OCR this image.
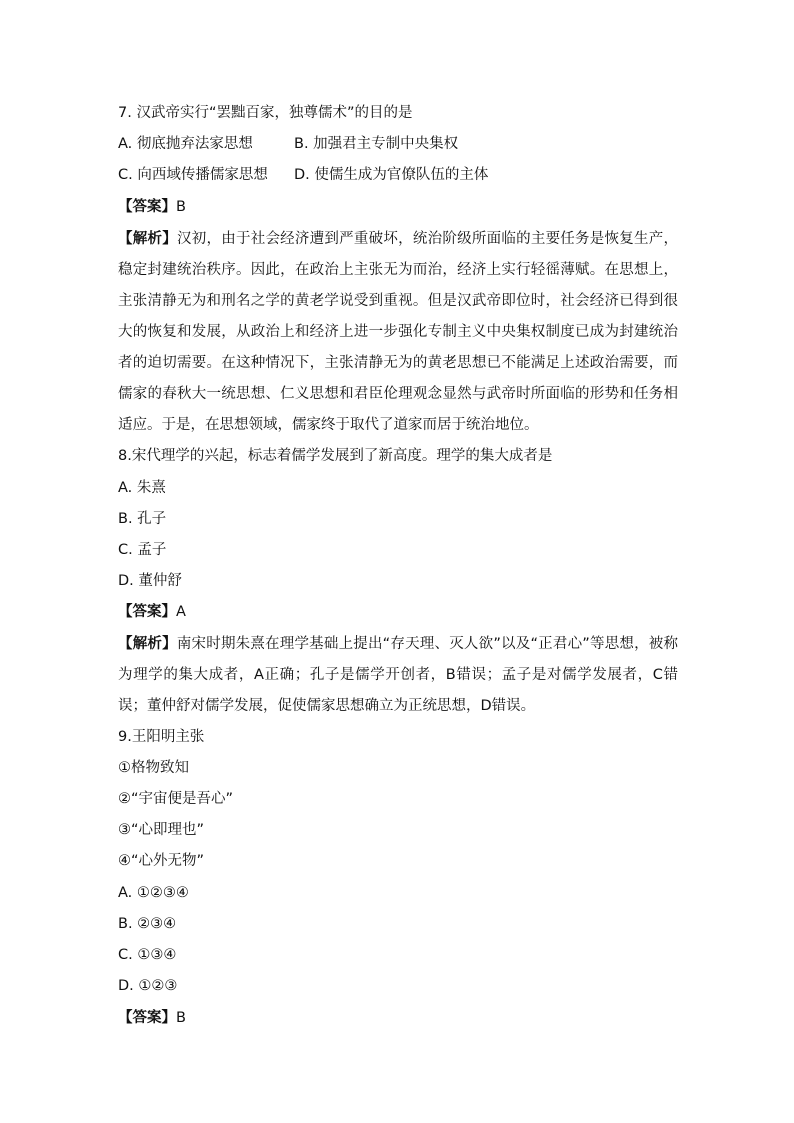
7. 汉武帝实行“罢黜百家，独尊儒术”的目的是
A. 彻底抛弃法家思想	B. 加强君主专制中央集权
C. 向西域传播儒家思想 D. 使儒生成为官僚队伍的主体
【答案】B
【解析】汉初，由于社会经济遭到严重破坏，统治阶级所面临的主要任务是恢复生产，稳定封建统治秩序。因此，在政治上主张无为而治，经济上实行轻徭薄赋。在思想上，主张清静无为和刑名之学的黄老学说受到重视。但是汉武帝即位时，社会经济已得到很大的恢复和发展，从政治上和经济上进一步强化专制主义中央集权制度已成为封建统治者的迫切需要。在这种情况下，主张清静无为的黄老思想已不能满足上述政治需要，而儒家的春秋大一统思想、仁义思想和君臣伦理观念显然与武帝时所面临的形势和任务相适应。于是，在思想领域，儒家终于取代了道家而居于统治地位。
8.宋代理学的兴起，标志着儒学发展到了新高度。理学的集大成者是
A. 朱熹
B. 孔子
C. 孟子
D. 董仲舒
【答案】A
【解析】南宋时期朱熹在理学基础上提出“存天理、灭人欲”以及“正君心”等思想，被称为理学的集大成者，A正确；孔子是儒学开创者，B错误；孟子是对儒学发展者，C错误；董仲舒对儒学发展，促使儒家思想确立为正统思想，D错误。
9.王阳明主张
①格物致知
②“宇宙便是吾心”
③“心即理也”
④“心外无物”
A. ①②③④
B. ②③④
C. ①③④
D. ①②③
【答案】B
